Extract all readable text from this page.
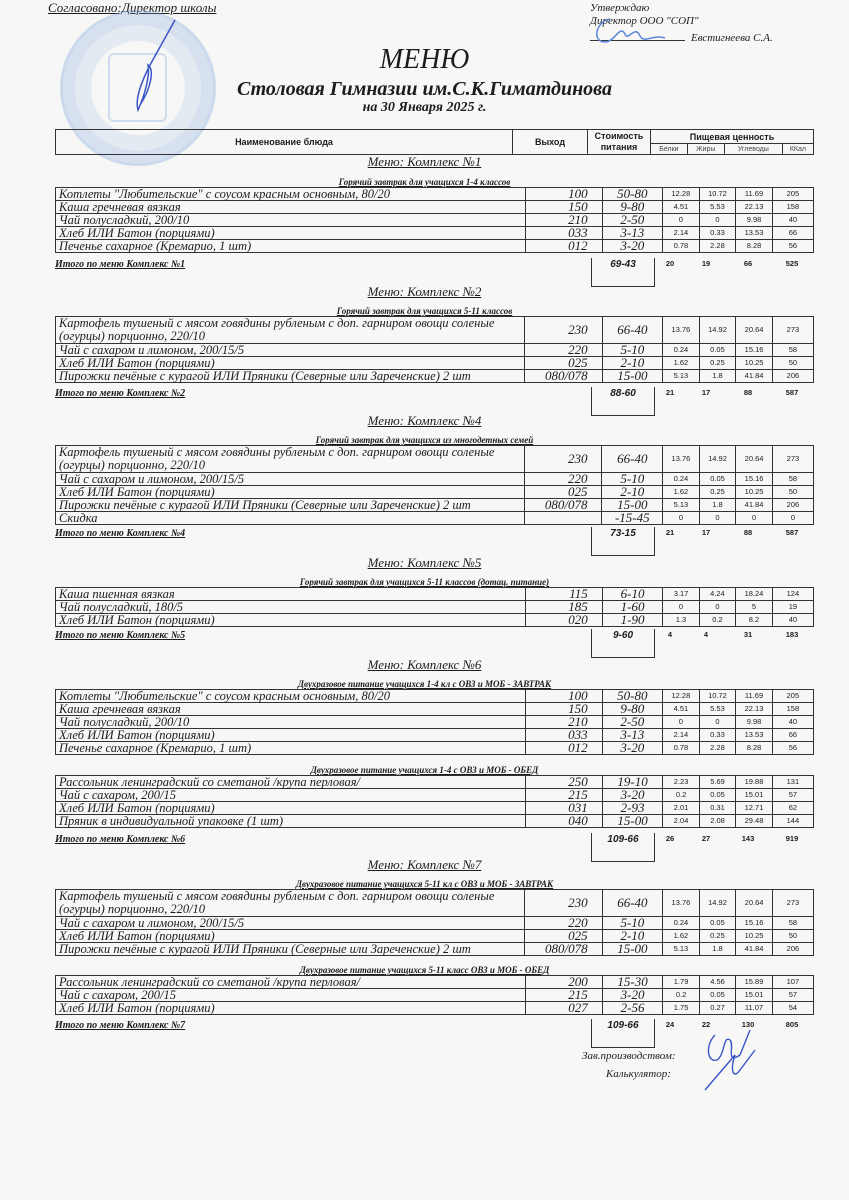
Согласовано:Директор школы	Утверждаю
Директор ООО "СОП"
Евстигнеева С.А.
МЕНЮ
Столовая Гимназии им.С.К.Гиматдинова
на 30 Января 2025 г.
Наименование блюда	Выход	Стоимость
питания	Пищевая ценность			
			Белки	Жиры	Углеводы	ККал
Меню: Комплекс №1
Горячий завтрак для учащихся 1-4 классов
Котлеты "Любительские" с соусом красным основным, 80/20	100	50-80	12.28	10.72	11.69	205
Каша гречневая вязкая	150	9-80	4.51	5.53	22.13	158
Чай полусладкий, 200/10	210	2-50	0	0	9.98	40
Хлеб ИЛИ Батон (порциями)	033	3-13	2.14	0.33	13.53	66
Печенье сахарное (Кремарио, 1 шт)	012	3-20	0.78	2.28	8.28	56
Итого по меню Комплекс №1	69-43	20	19	66	525
Меню: Комплекс №2
Горячий завтрак для учащихся 5-11 классов
Картофель тушеный с мясом говядины рубленым с доп. гарниром овощи соленые (огурцы) порционно, 220/10	230	66-40	13.76	14.92	20.64	273
Чай с сахаром и лимоном, 200/15/5	220	5-10	0.24	0.05	15.16	58
Хлеб ИЛИ Батон (порциями)	025	2-10	1.62	0.25	10.25	50
Пирожки печёные с курагой ИЛИ Пряники (Северные или Зареченские) 2 шт	080/078	15-00	5.13	1.8	41.84	206
Итого по меню Комплекс №2	88-60	21	17	88	587
Меню: Комплекс №4
Горячий завтрак для учащихся из многодетных семей
Картофель тушеный с мясом говядины рубленым с доп. гарниром овощи соленые (огурцы) порционно, 220/10	230	66-40	13.76	14.92	20.64	273
Чай с сахаром и лимоном, 200/15/5	220	5-10	0.24	0.05	15.16	58
Хлеб ИЛИ Батон (порциями)	025	2-10	1.62	0.25	10.25	50
Пирожки печёные с курагой ИЛИ Пряники (Северные или Зареченские) 2 шт	080/078	15-00	5.13	1.8	41.84	206
Скидка		-15-45	0	0	0	0
Итого по меню Комплекс №4	73-15	21	17	88	587
Меню: Комплекс №5
Горячий завтрак для учащихся 5-11 классов (дотац. питание)
Каша пшенная вязкая	115	6-10	3.17	4.24	18.24	124
Чай полусладкий, 180/5	185	1-60	0	0	5	19
Хлеб ИЛИ Батон (порциями)	020	1-90	1.3	0.2	8.2	40
Итого по меню Комплекс №5	9-60	4	4	31	183
Меню: Комплекс №6
Двухразовое питание учащихся 1-4 кл с ОВЗ и МОБ - ЗАВТРАК
Котлеты "Любительские" с соусом красным основным, 80/20	100	50-80	12.28	10.72	11.69	205
Каша гречневая вязкая	150	9-80	4.51	5.53	22.13	158
Чай полусладкий, 200/10	210	2-50	0	0	9.98	40
Хлеб ИЛИ Батон (порциями)	033	3-13	2.14	0.33	13.53	66
Печенье сахарное (Кремарио, 1 шт)	012	3-20	0.78	2.28	8.28	56
Двухразовое питание учащихся 1-4 с ОВЗ и МОБ - ОБЕД
Рассольник ленинградский со сметаной /крупа перловая/	250	19-10	2.23	5.69	19.88	131
Чай с сахаром, 200/15	215	3-20	0.2	0.05	15.01	57
Хлеб ИЛИ Батон (порциями)	031	2-93	2.01	0.31	12.71	62
Пряник в индивидуальной упаковке (1 шт)	040	15-00	2.04	2.08	29.48	144
Итого по меню Комплекс №6	109-66	26	27	143	919
Меню: Комплекс №7
Двухразовое питание учащихся 5-11 кл с ОВЗ и МОБ - ЗАВТРАК
Картофель тушеный с мясом говядины рубленым с доп. гарниром овощи соленые (огурцы) порционно, 220/10	230	66-40	13.76	14.92	20.64	273
Чай с сахаром и лимоном, 200/15/5	220	5-10	0.24	0.05	15.16	58
Хлеб ИЛИ Батон (порциями)	025	2-10	1.62	0.25	10.25	50
Пирожки печёные с курагой ИЛИ Пряники (Северные или Зареченские) 2 шт	080/078	15-00	5.13	1.8	41.84	206
Двухразовое питание учащихся 5-11 класс ОВЗ и МОБ - ОБЕД
Рассольник ленинградский со сметаной /крупа перловая/	200	15-30	1.79	4.56	15.89	107
Чай с сахаром, 200/15	215	3-20	0.2	0.05	15.01	57
Хлеб ИЛИ Батон (порциями)	027	2-56	1.75	0.27	11.07	54
Итого по меню Комплекс №7	109-66	24	22	130	805
Зав.производством:
Калькулятор:
